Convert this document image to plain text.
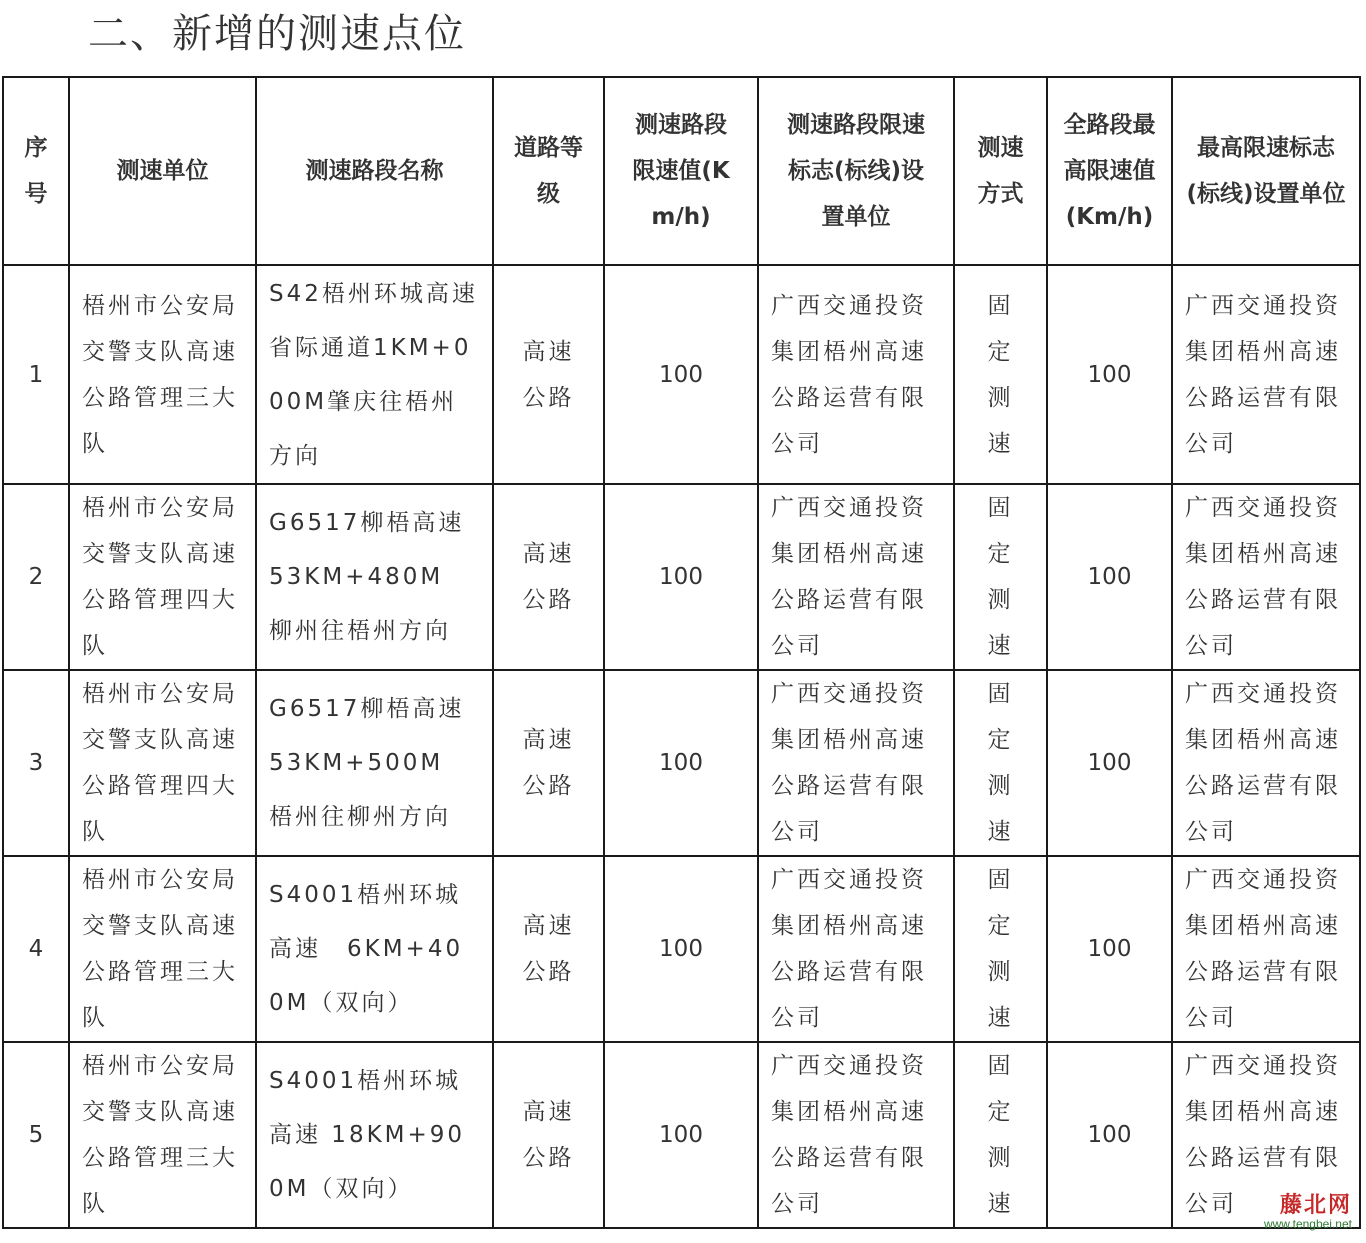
二、新增的测速点位
序号	测速单位	测速路段名称	道路等级	测速路段限速值(Km/h)	测速路段限速标志(标线)设置单位	测速方式	全路段最高限速值(Km/h)	最高限速标志(标线)设置单位
1	梧州市公安局交警支队高速公路管理三大队	S42梧州环城高速省际通道1KM+000M肇庆往梧州方向	高速公路	100	广西交通投资集团梧州高速公路运营有限公司	固定测速	100	广西交通投资集团梧州高速公路运营有限公司
2	梧州市公安局交警支队高速公路管理四大队	G6517柳梧高速53KM+480M　柳州往梧州方向	高速公路	100	广西交通投资集团梧州高速公路运营有限公司	固定测速	100	广西交通投资集团梧州高速公路运营有限公司
3	梧州市公安局交警支队高速公路管理四大队	G6517柳梧高速53KM+500M　梧州往柳州方向	高速公路	100	广西交通投资集团梧州高速公路运营有限公司	固定测速	100	广西交通投资集团梧州高速公路运营有限公司
4	梧州市公安局交警支队高速公路管理三大队	S4001梧州环城高速　6KM+400M（双向）	高速公路	100	广西交通投资集团梧州高速公路运营有限公司	固定测速	100	广西交通投资集团梧州高速公路运营有限公司
5	梧州市公安局交警支队高速公路管理三大队	S4001梧州环城高速 18KM+900M（双向）	高速公路	100	广西交通投资集团梧州高速公路运营有限公司	固定测速	100	广西交通投资集团梧州高速公路运营有限公司	藤北网
www.tengbei.net
